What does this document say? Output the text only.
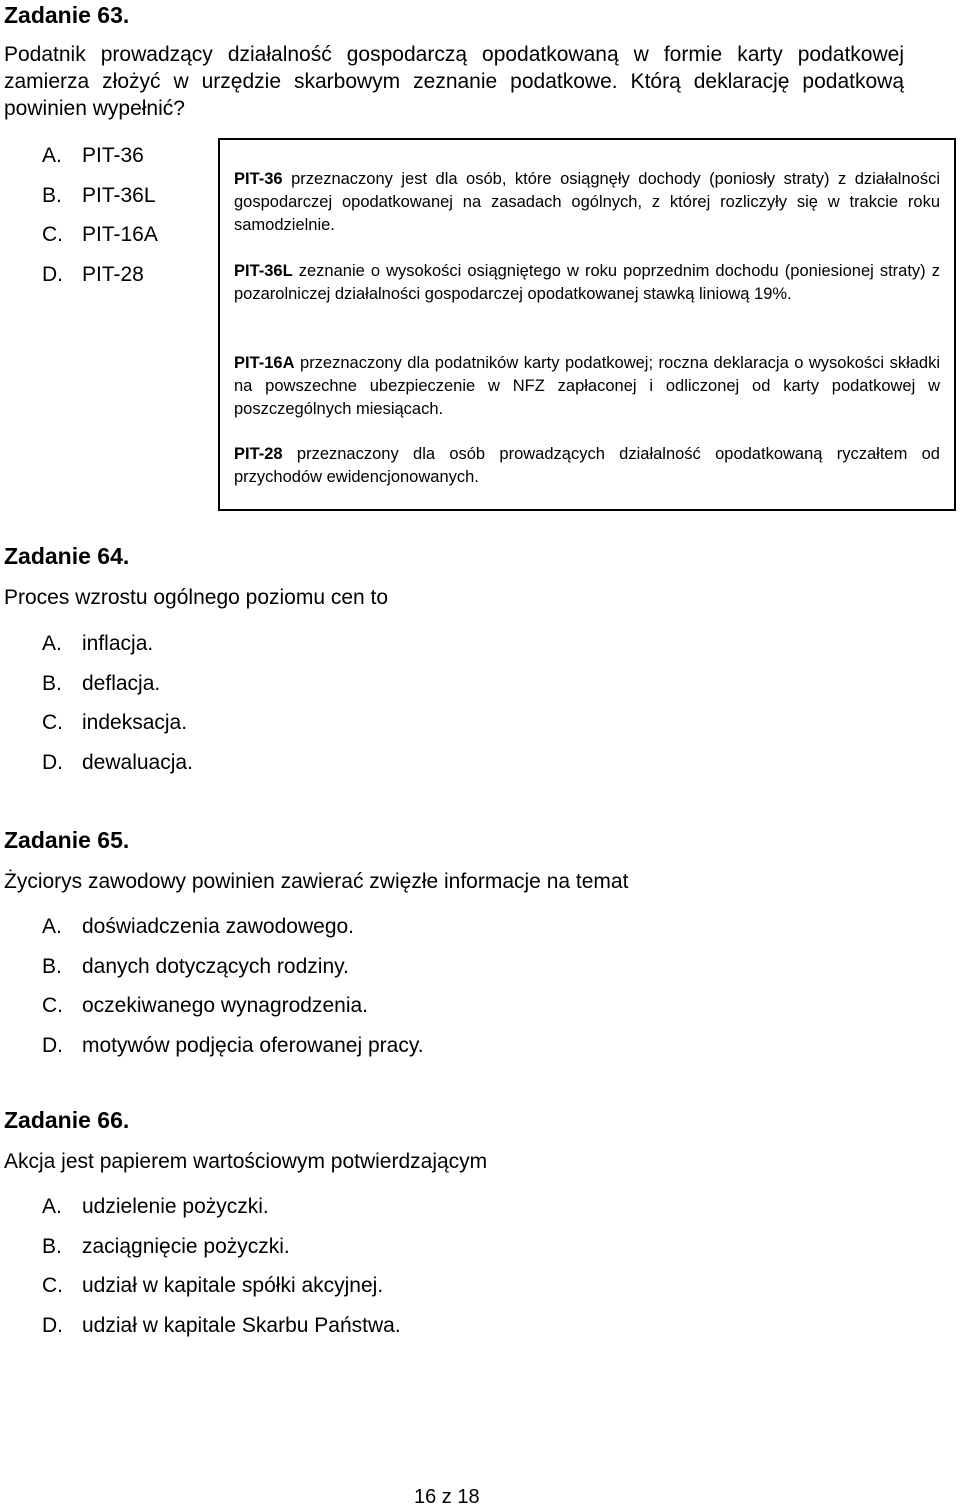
Zadanie 63.
Podatnik prowadzący działalność gospodarczą opodatkowaną w formie karty podatkowej zamierza złożyć w urzędzie skarbowym zeznanie podatkowe. Którą deklarację podatkową powinien wypełnić?
A. PIT-36
B. PIT-36L
C. PIT-16A
D. PIT-28
PIT-36 przeznaczony jest dla osób, które osiągnęły dochody (poniosły straty) z działalności gospodarczej opodatkowanej na zasadach ogólnych, z której rozliczyły się w trakcie roku samodzielnie.
PIT-36L zeznanie o wysokości osiągniętego w roku poprzednim dochodu (poniesionej straty) z pozarolniczej działalności gospodarczej opodatkowanej stawką liniową 19%.
PIT-16A przeznaczony dla podatników karty podatkowej; roczna deklaracja o wysokości składki na powszechne ubezpieczenie w NFZ zapłaconej i odliczonej od karty podatkowej w poszczególnych miesiącach.
PIT-28 przeznaczony dla osób prowadzących działalność opodatkowaną ryczałtem od przychodów ewidencjonowanych.
Zadanie 64.
Proces wzrostu ogólnego poziomu cen to
A. inflacja.
B. deflacja.
C. indeksacja.
D. dewaluacja.
Zadanie 65.
Życiorys zawodowy powinien zawierać zwięzłe informacje na temat
A. doświadczenia zawodowego.
B. danych dotyczących rodziny.
C. oczekiwanego wynagrodzenia.
D. motywów podjęcia oferowanej pracy.
Zadanie 66.
Akcja jest papierem wartościowym potwierdzającym
A. udzielenie pożyczki.
B. zaciągnięcie pożyczki.
C. udział w kapitale spółki akcyjnej.
D. udział w kapitale Skarbu Państwa.
16 z 18
